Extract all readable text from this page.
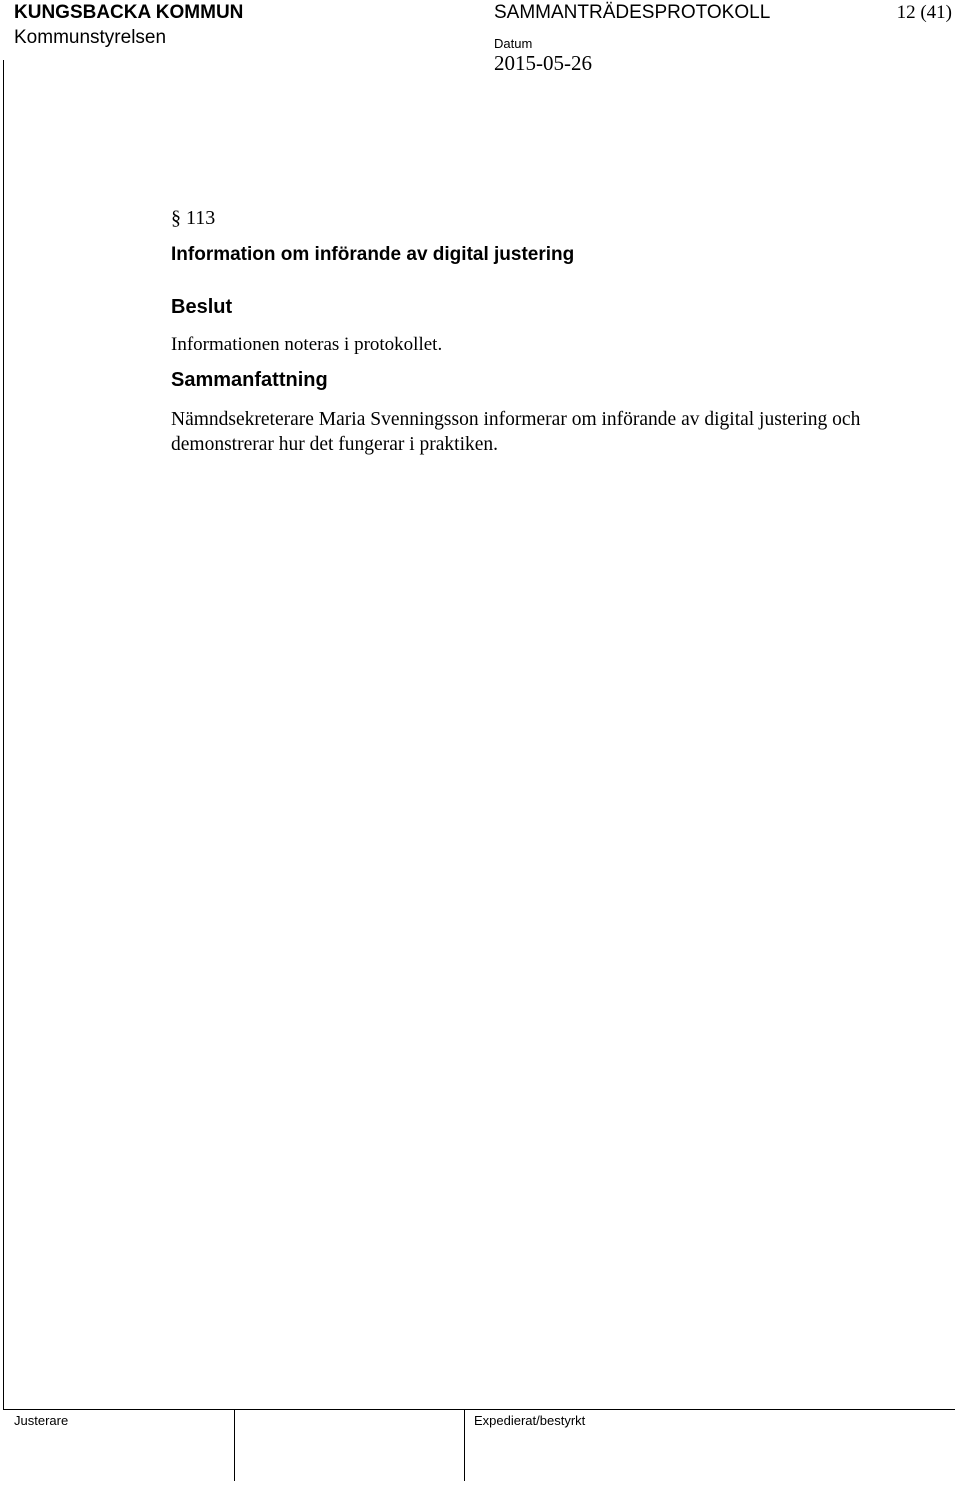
KUNGSBACKA KOMMUN
Kommunstyrelsen
SAMMANTRÄDESPROTOKOLL	12 (41)
Datum
2015-05-26
§ 113
Information om införande av digital justering
Beslut
Informationen noteras i protokollet.
Sammanfattning
Nämndsekreterare Maria Svenningsson informerar om införande av digital justering och demonstrerar hur det fungerar i praktiken.
Justerare	Expedierat/bestyrkt
